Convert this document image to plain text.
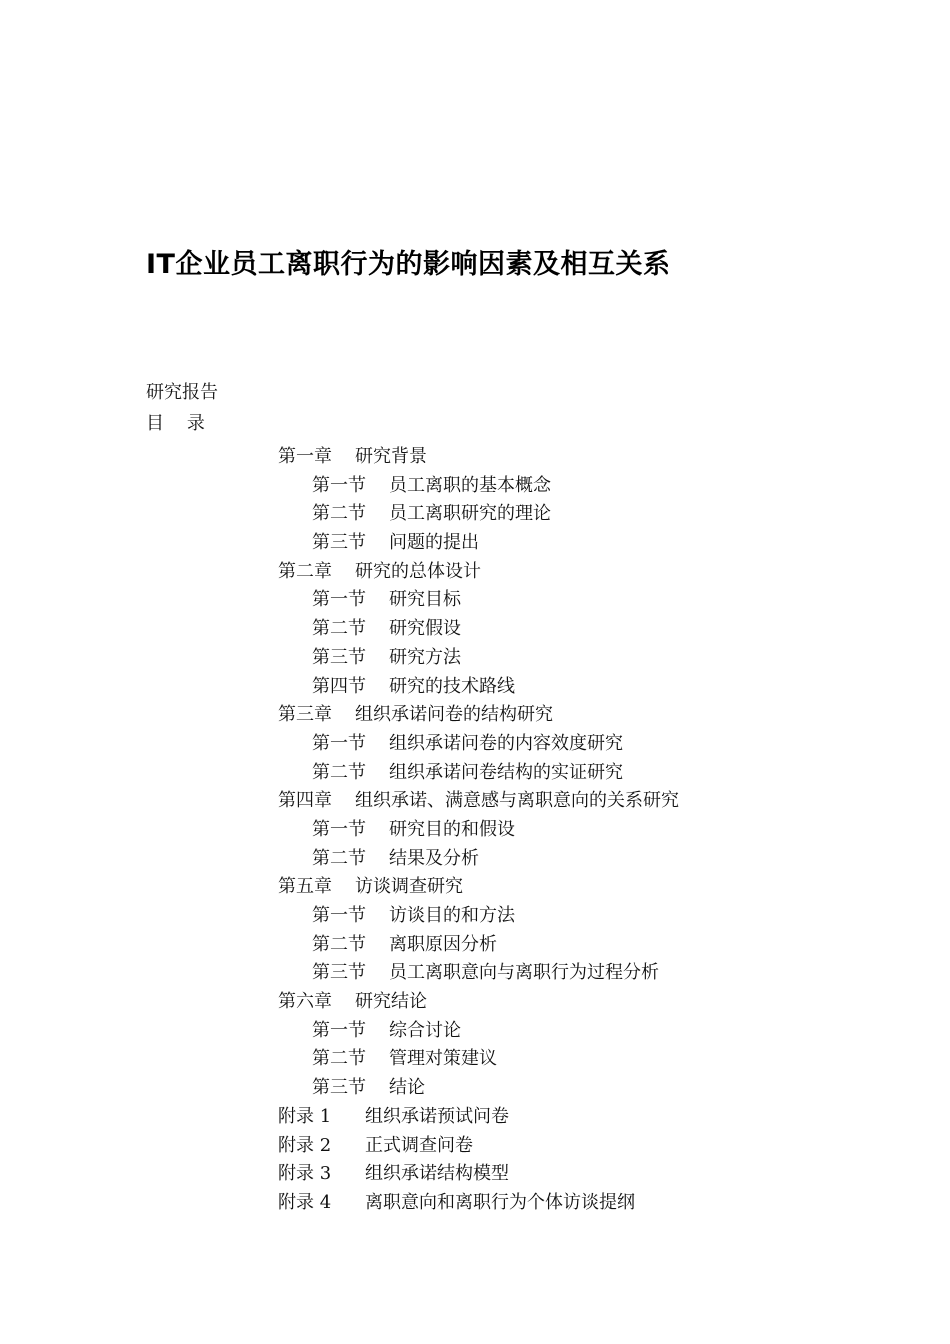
IT企业员工离职行为的影响因素及相互关系
研究报告
目    录
第一章 研究背景
第一节 员工离职的基本概念
第二节 员工离职研究的理论
第三节 问题的提出
第二章 研究的总体设计
第一节 研究目标
第二节 研究假设
第三节 研究方法
第四节 研究的技术路线
第三章 组织承诺问卷的结构研究
第一节 组织承诺问卷的内容效度研究
第二节 组织承诺问卷结构的实证研究
第四章 组织承诺、满意感与离职意向的关系研究
第一节 研究目的和假设
第二节 结果及分析
第五章 访谈调查研究
第一节 访谈目的和方法
第二节 离职原因分析
第三节 员工离职意向与离职行为过程分析
第六章 研究结论
第一节 综合讨论
第二节 管理对策建议
第三节 结论
附录 1 组织承诺预试问卷
附录 2 正式调查问卷
附录 3 组织承诺结构模型
附录 4 离职意向和离职行为个体访谈提纲
